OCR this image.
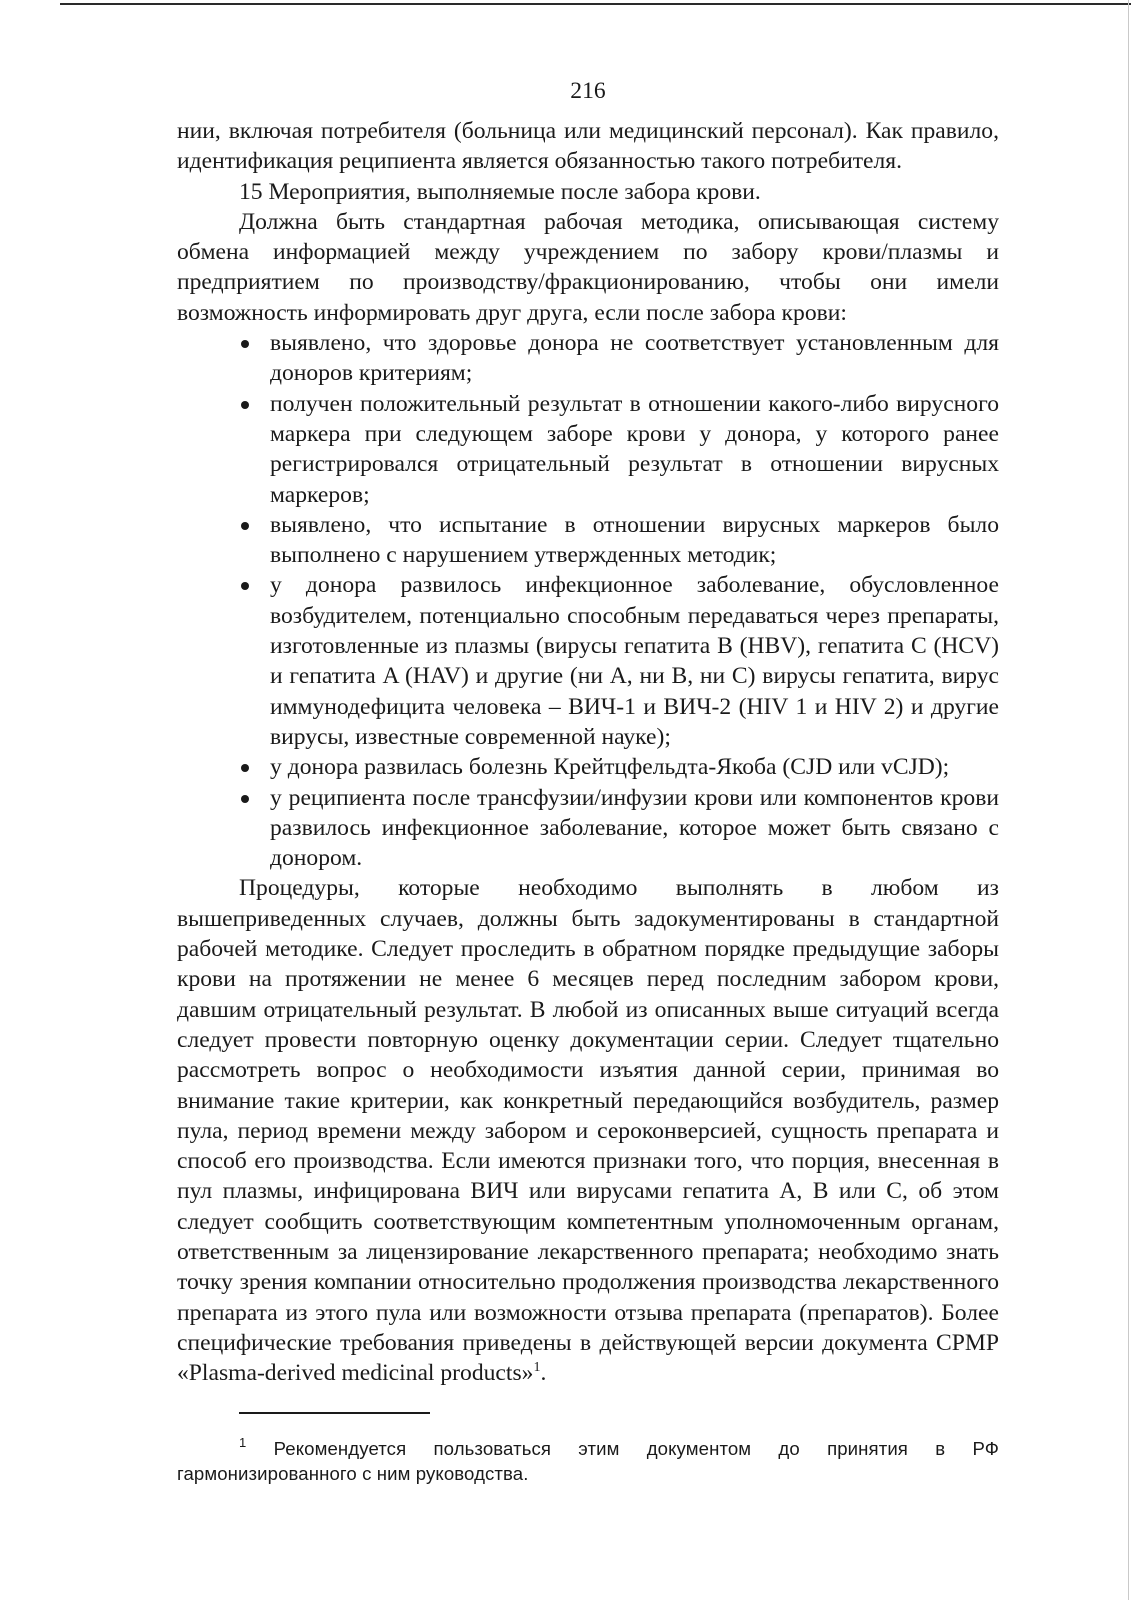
216

нии, включая потребителя (больница или медицинский персонал). Как правило, идентификация реципиента является обязанностью такого потребителя.

15 Мероприятия, выполняемые после забора крови.

Должна быть стандартная рабочая методика, описывающая систему обмена информацией между учреждением по забору крови/плазмы и предприятием по производству/фракционированию, чтобы они имели возможность информировать друг друга, если после забора крови:

выявлено, что здоровье донора не соответствует установленным для доноров критериям;
получен положительный результат в отношении какого-либо вирусного маркера при следующем заборе крови у донора, у которого ранее регистрировался отрицательный результат в отношении вирусных маркеров;
выявлено, что испытание в отношении вирусных маркеров было выполнено с нарушением утвержденных методик;
у донора развилось инфекционное заболевание, обусловленное возбудителем, потенциально способным передаваться через препараты, изготовленные из плазмы (вирусы гепатита B (HBV), гепатита C (HCV) и гепатита A (HAV) и другие (ни A, ни B, ни C) вирусы гепатита, вирус иммунодефицита человека – ВИЧ-1 и ВИЧ-2 (HIV 1 и HIV 2) и другие вирусы, известные современной науке);
у донора развилась болезнь Крейтцфельдта-Якоба (CJD или vCJD);
у реципиента после трансфузии/инфузии крови или компонентов крови развилось инфекционное заболевание, которое может быть связано с донором.

Процедуры, которые необходимо выполнять в любом из вышеприведенных случаев, должны быть задокументированы в стандартной рабочей методике. Следует проследить в обратном порядке предыдущие заборы крови на протяжении не менее 6 месяцев перед последним забором крови, давшим отрицательный результат. В любой из описанных выше ситуаций всегда следует провести повторную оценку документации серии. Следует тщательно рассмотреть вопрос о необходимости изъятия данной серии, принимая во внимание такие критерии, как конкретный передающийся возбудитель, размер пула, период времени между забором и сероконверсией, сущность препарата и способ его производства. Если имеются признаки того, что порция, внесенная в пул плазмы, инфицирована ВИЧ или вирусами гепатита A, B или C, об этом следует сообщить соответствующим компетентным уполномоченным органам, ответственным за лицензирование лекарственного препарата; необходимо знать точку зрения компании относительно продолжения производства лекарственного препарата из этого пула или возможности отзыва препарата (препаратов). Более специфические требования приведены в действующей версии документа CPMP «Plasma-derived medicinal products»$^1$.

$^1$ Рекомендуется пользоваться этим документом до принятия в РФ гармонизированного с ним руководства.
